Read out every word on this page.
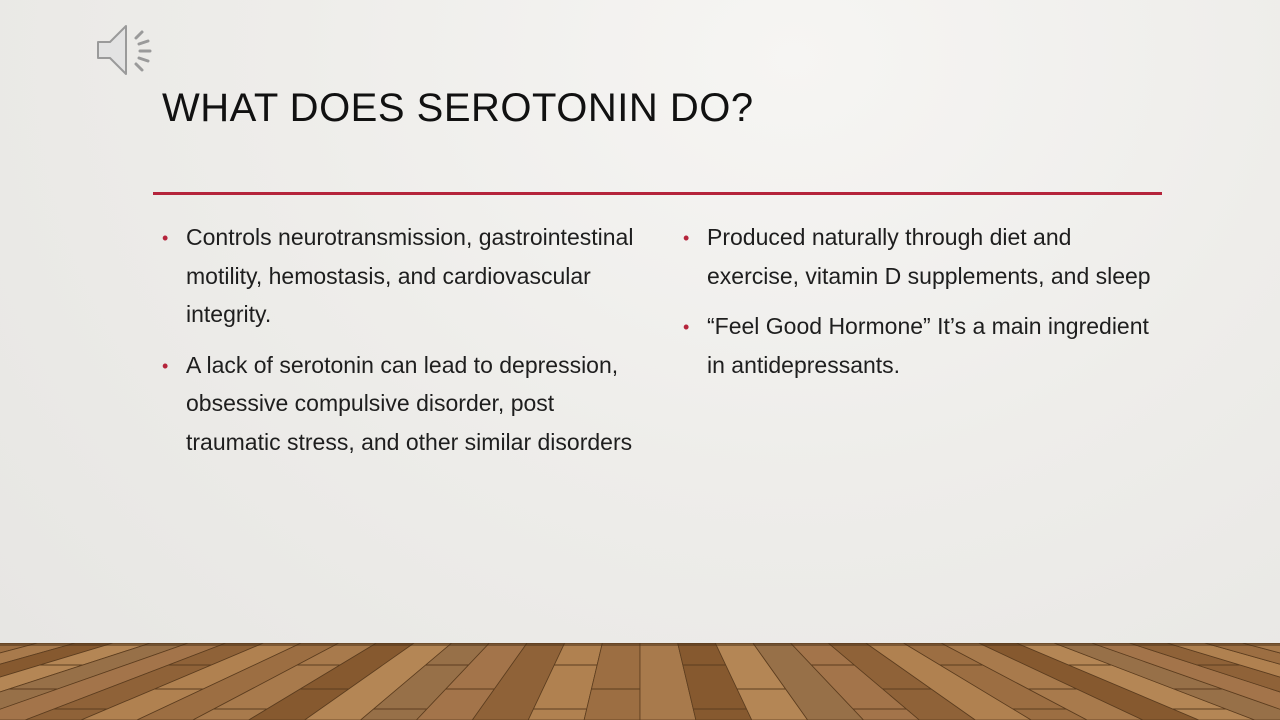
WHAT DOES SEROTONIN DO?
• Controls neurotransmission, gastrointestinal motility, hemostasis, and cardiovascular integrity.
• A lack of serotonin can lead to depression, obsessive compulsive disorder, post traumatic stress, and other similar disorders
• Produced naturally through diet and exercise, vitamin D supplements, and sleep
• “Feel Good Hormone” It’s a main ingredient in antidepressants.
